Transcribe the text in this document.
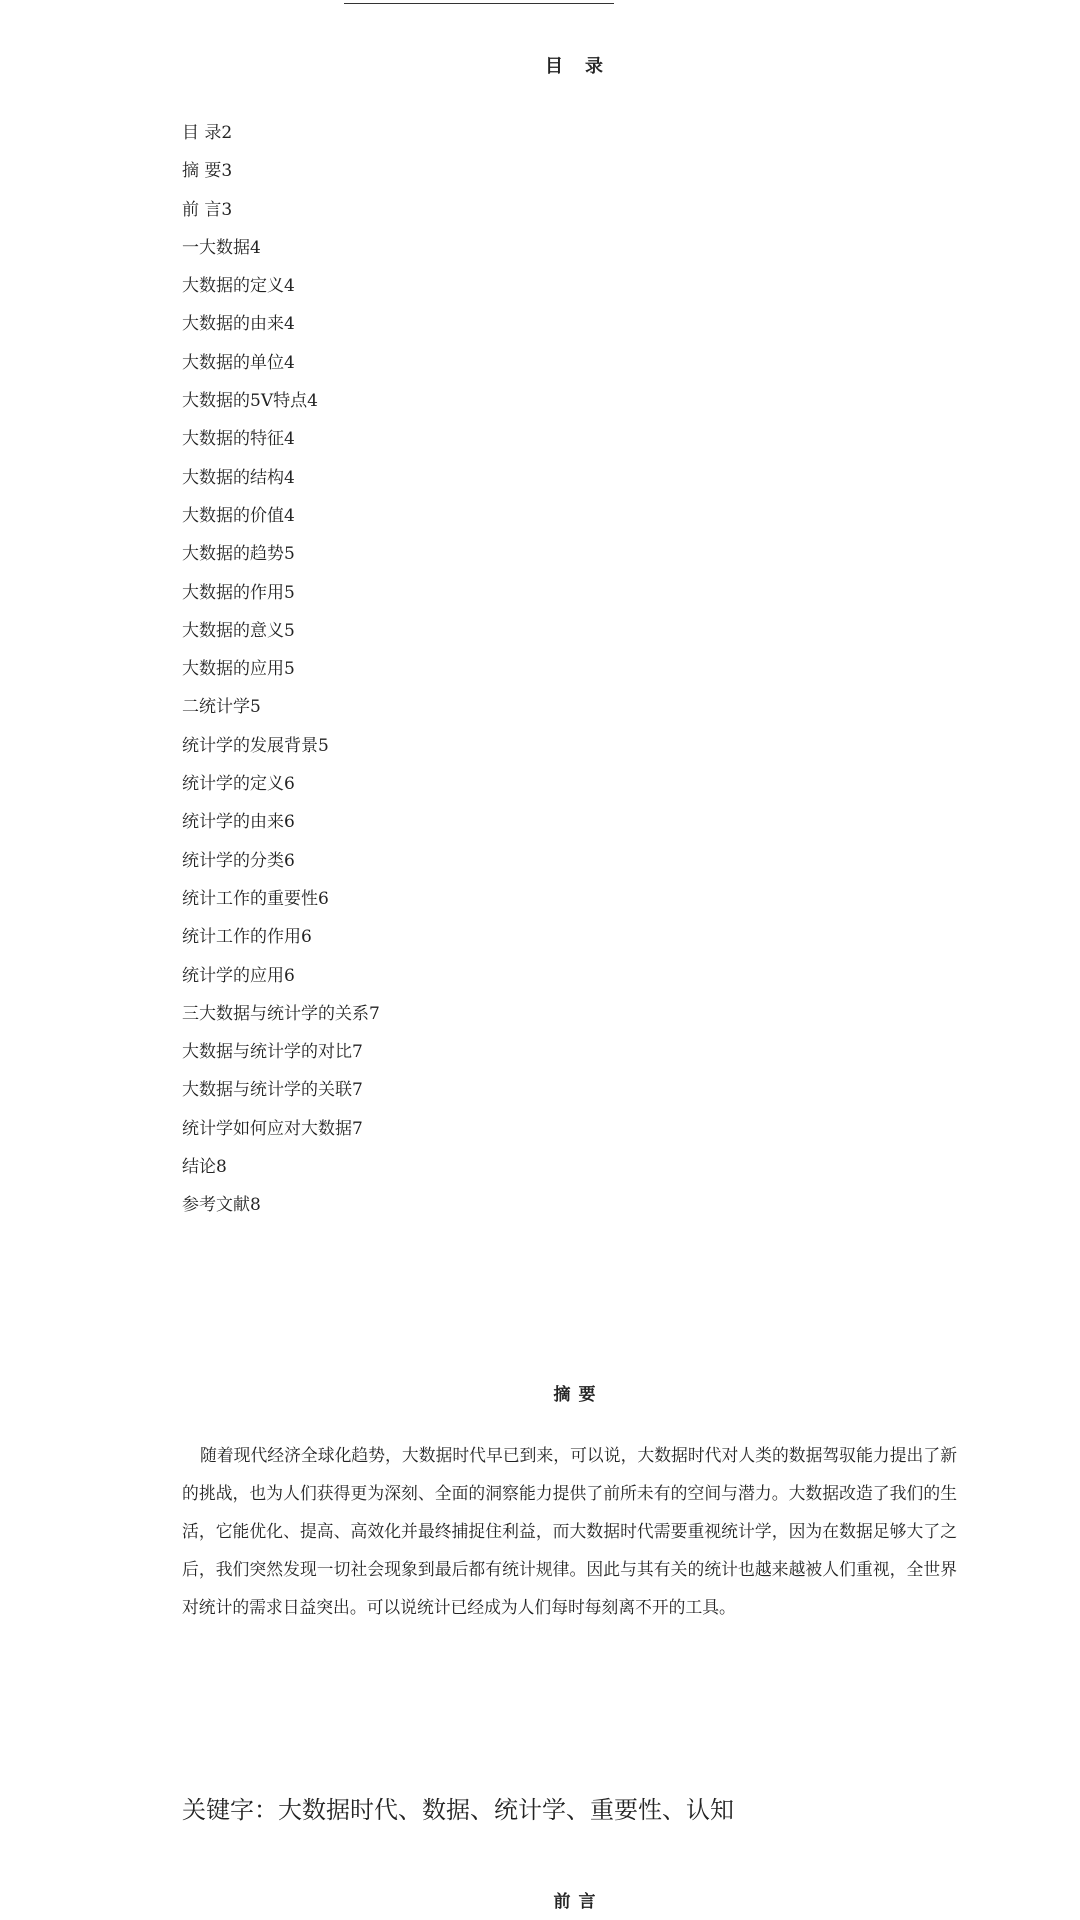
目　录
目 录2
摘 要3
前 言3
一大数据4
大数据的定义4
大数据的由来4
大数据的单位4
大数据的5V特点4
大数据的特征4
大数据的结构4
大数据的价值4
大数据的趋势5
大数据的作用5
大数据的意义5
大数据的应用5
二统计学5
统计学的发展背景5
统计学的定义6
统计学的由来6
统计学的分类6
统计工作的重要性6
统计工作的作用6
统计学的应用6
三大数据与统计学的关系7
大数据与统计学的对比7
大数据与统计学的关联7
统计学如何应对大数据7
结论8
参考文献8
摘 要

随着现代经济全球化趋势，大数据时代早已到来，可以说，大数据时代对人类的数据驾驭能力提出了新的挑战，也为人们获得更为深刻、全面的洞察能力提供了前所未有的空间与潜力。大数据改造了我们的生活，它能优化、提高、高效化并最终捕捉住利益，而大数据时代需要重视统计学，因为在数据足够大了之后，我们突然发现一切社会现象到最后都有统计规律。因此与其有关的统计也越来越被人们重视，全世界对统计的需求日益突出。可以说统计已经成为人们每时每刻离不开的工具。

关键字：大数据时代、数据、统计学、重要性、认知

前 言
